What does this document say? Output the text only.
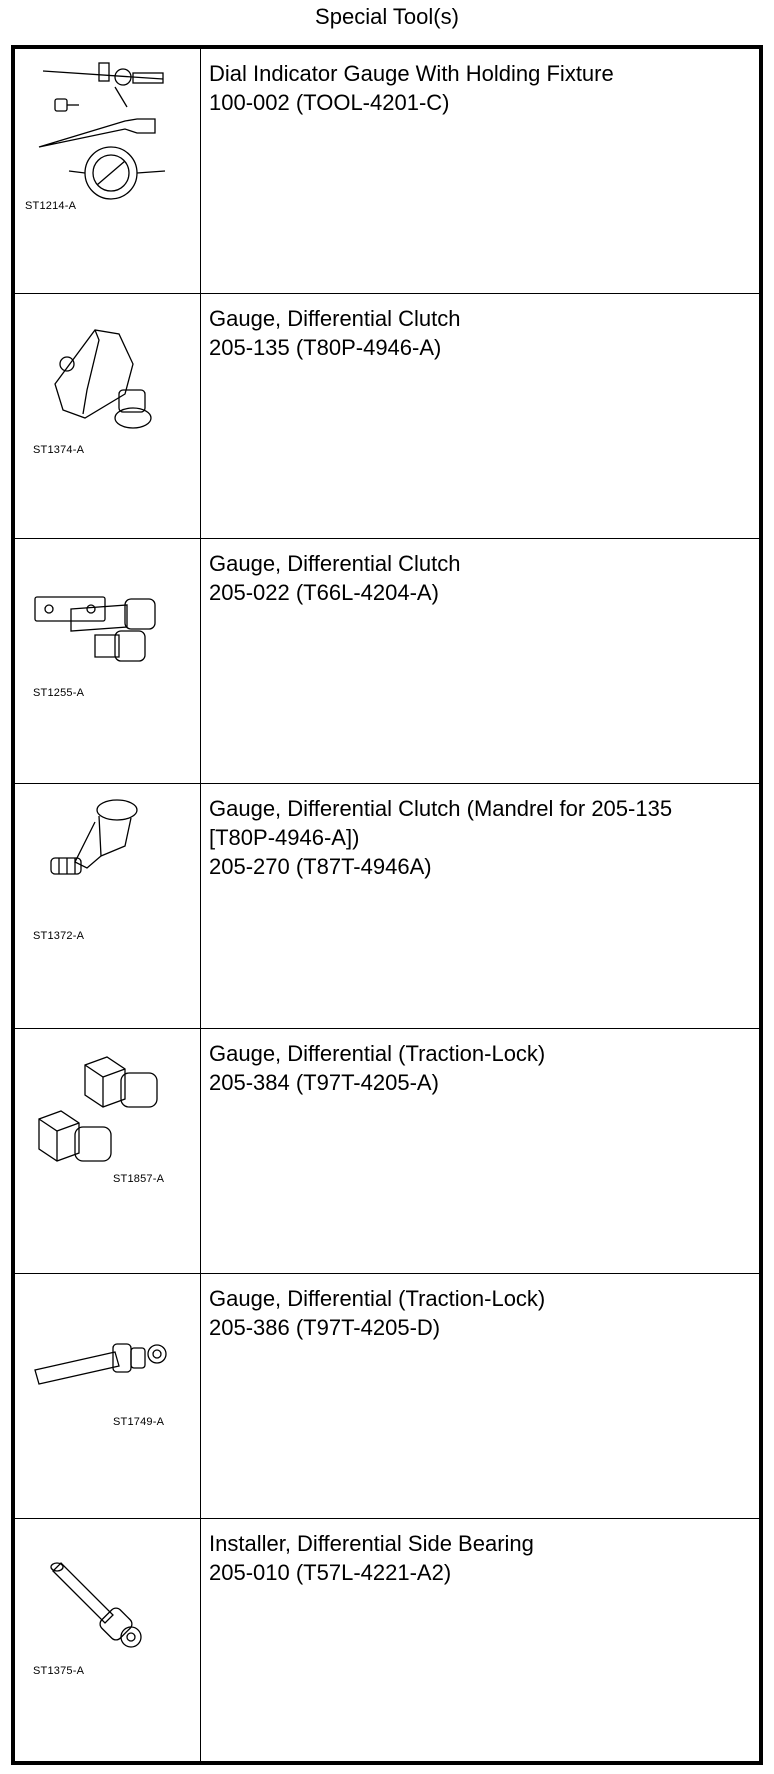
Special Tool(s)
ST1214-A
Dial Indicator Gauge With Holding Fixture
100-002 (TOOL-4201-C)
ST1374-A
Gauge, Differential Clutch
205-135 (T80P-4946-A)
ST1255-A
Gauge, Differential Clutch
205-022 (T66L-4204-A)
ST1372-A
Gauge, Differential Clutch (Mandrel for 205-135
[T80P-4946-A])
205-270 (T87T-4946A)
ST1857-A
Gauge, Differential (Traction-Lock)
205-384 (T97T-4205-A)
ST1749-A
Gauge, Differential (Traction-Lock)
205-386 (T97T-4205-D)
ST1375-A
Installer, Differential Side Bearing
205-010 (T57L-4221-A2)
